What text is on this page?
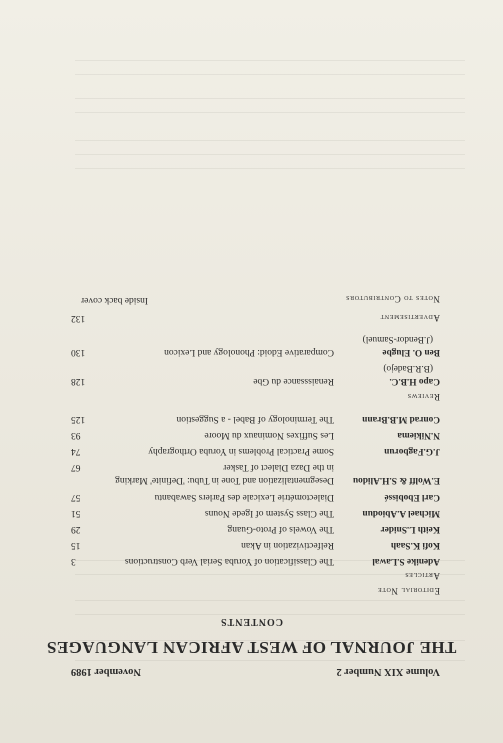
Volume XIX Number 2
November 1989
THE JOURNAL OF WEST AFRICAN LANGUAGES
CONTENTS
Editorial Note
Articles
Adenike S.Lawal
The Classification of Yoruba Serial Verb Constructions
3
Kofi K.Saah
Relfectivization in Akan
15
Keith L.Snider
The Vowels of Proto-Guang
29
Michael A.Abiodun
The Class System of Igede Nouns
51
Carl Ebobissé
Dialectométrie Lexicale des Parlers Sawabantu
57
E.Wolff & S.H.Alidou
Desegmentalization and Tone in Tubu: 'Definite' Marking
in the Daza Dialect of Tasker
67
J.G.Fagborun
Some Practical Problems in Yoruba Orthography
74
N.Nikiema
Les Suffixes Nominaux du Moore
93
Conrad M.B.Brann
The Terminology of Babel - a Suggestion
125
Reviews
Capo H.B.C.
Renaisssance du Gbe
128
(B.R.Badejo)
Ben O. Elugbe
Comparative Edoid: Phonology and Lexicon
130
(J.Bendor-Samuel)
Advertisement
132
Notes to Contributors
Inside back cover
